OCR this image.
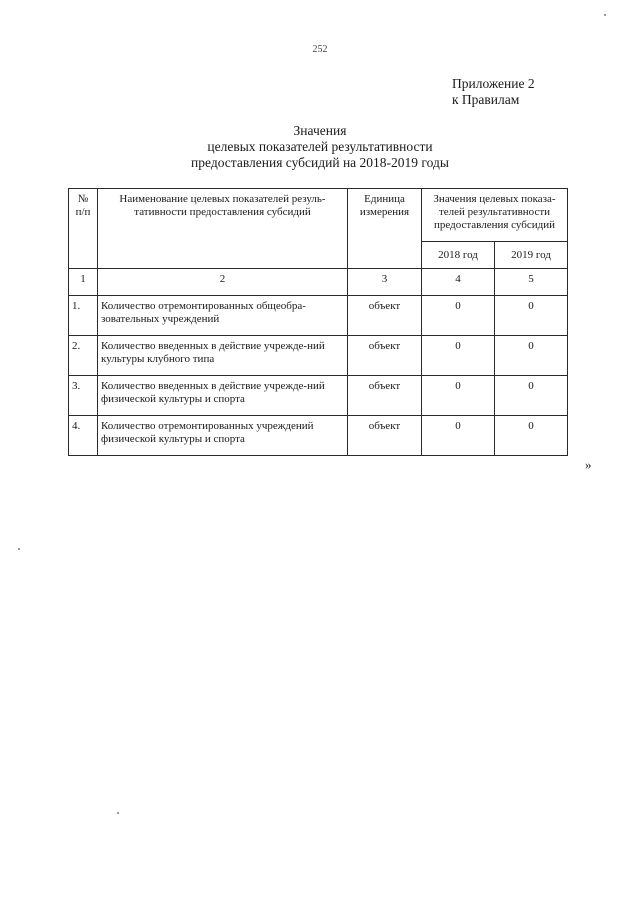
252
Приложение 2
к Правилам
Значения
целевых показателей результативности
предоставления субсидий на 2018-2019 годы
№ п/п	Наименование целевых показателей резуль-тативности предоставления субсидий	Единица измерения	Значения целевых показа-телей результативности предоставления субсидий	
			2018 год	2019 год
1	2	3	4	5
1.	Количество отремонтированных общеобра-зовательных учреждений	объект	0	0
2.	Количество введенных в действие учрежде-ний культуры клубного типа	объект	0	0
3.	Количество введенных в действие учрежде-ний физической культуры и спорта	объект	0	0
4.	Количество отремонтированных учреждений физической культуры и спорта	объект	0	0
»
